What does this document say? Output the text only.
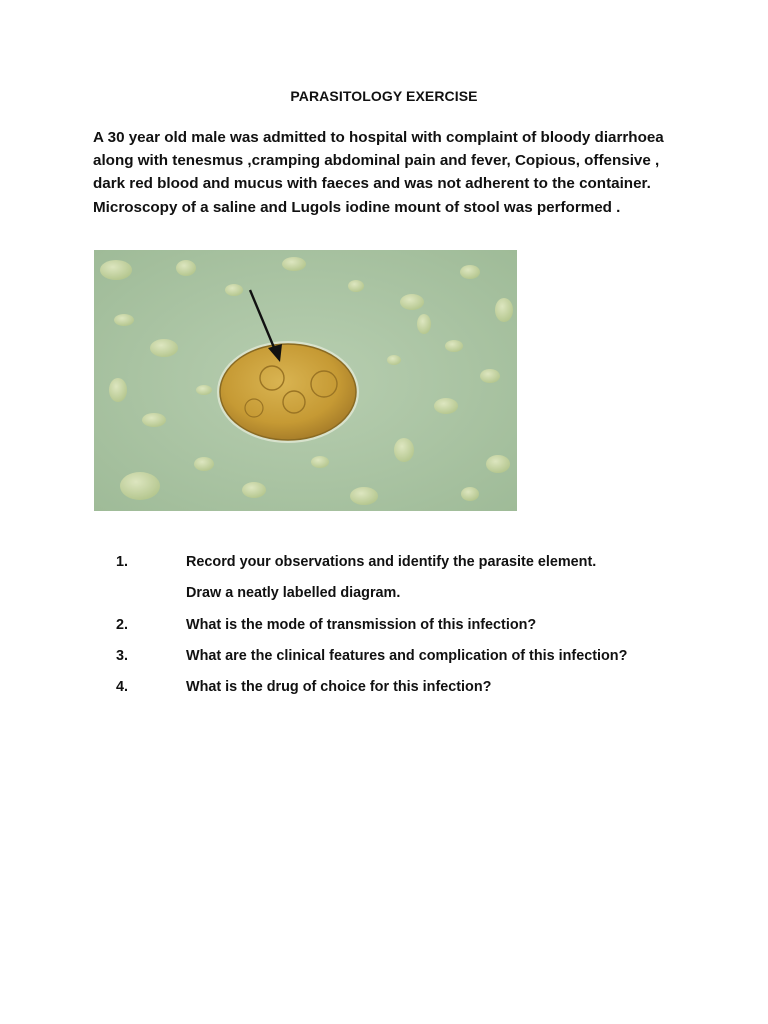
PARASITOLOGY EXERCISE

A 30 year old male was admitted to hospital with complaint of bloody diarrhoea along with tenesmus ,cramping abdominal pain and fever, Copious, offensive , dark red blood and mucus with faeces and was not adherent to the container. Microscopy of a saline and Lugols iodine mount of stool was performed .

1.	Record your observations and identify the parasite element.
Draw a neatly labelled diagram.
2.	What is the mode of transmission of this infection?
3.	What are the clinical features and complication of this infection?
4.	What is the drug of choice for this infection?
